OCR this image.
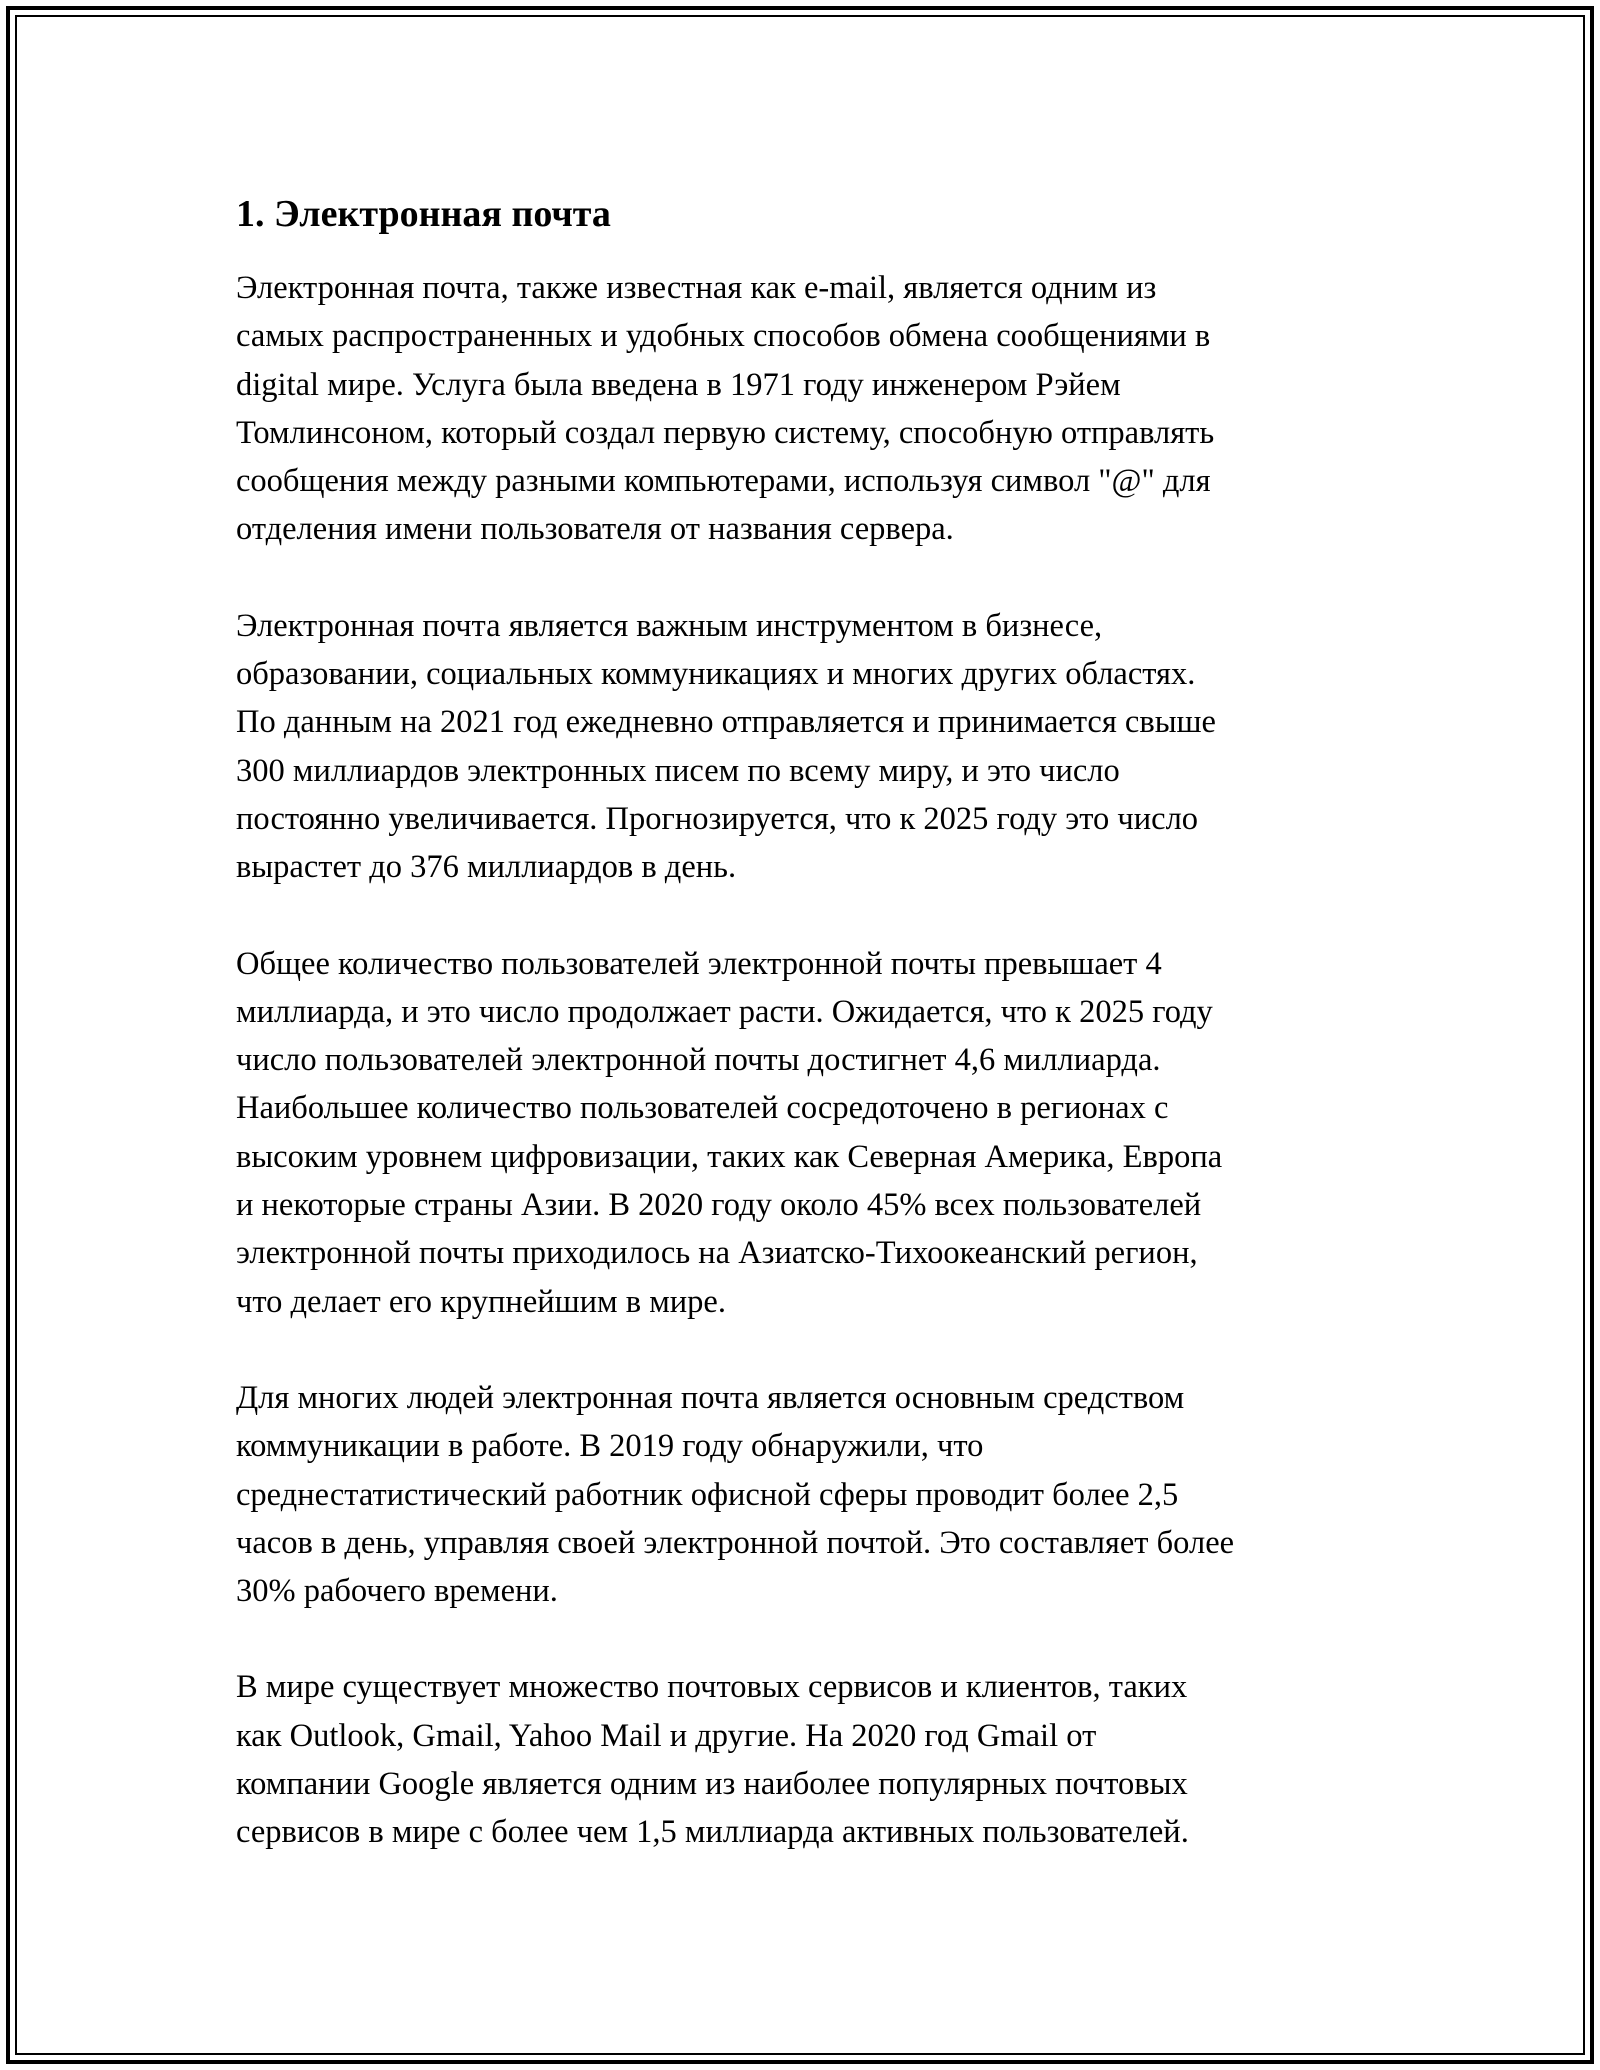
1. Электронная почта

Электронная почта, также известная как e-mail, является одним из
самых распространенных и удобных способов обмена сообщениями в
digital мире. Услуга была введена в 1971 году инженером Рэйем
Томлинсоном, который создал первую систему, способную отправлять
сообщения между разными компьютерами, используя символ "@" для
отделения имени пользователя от названия сервера.

Электронная почта является важным инструментом в бизнесе,
образовании, социальных коммуникациях и многих других областях.
По данным на 2021 год ежедневно отправляется и принимается свыше
300 миллиардов электронных писем по всему миру, и это число
постоянно увеличивается. Прогнозируется, что к 2025 году это число
вырастет до 376 миллиардов в день.

Общее количество пользователей электронной почты превышает 4
миллиарда, и это число продолжает расти. Ожидается, что к 2025 году
число пользователей электронной почты достигнет 4,6 миллиарда.
Наибольшее количество пользователей сосредоточено в регионах с
высоким уровнем цифровизации, таких как Северная Америка, Европа
и некоторые страны Азии. В 2020 году около 45% всех пользователей
электронной почты приходилось на Азиатско-Тихоокеанский регион,
что делает его крупнейшим в мире.

Для многих людей электронная почта является основным средством
коммуникации в работе. В 2019 году обнаружили, что
среднестатистический работник офисной сферы проводит более 2,5
часов в день, управляя своей электронной почтой. Это составляет более
30% рабочего времени.

В мире существует множество почтовых сервисов и клиентов, таких
как Outlook, Gmail, Yahoo Mail и другие. На 2020 год Gmail от
компании Google является одним из наиболее популярных почтовых
сервисов в мире с более чем 1,5 миллиарда активных пользователей.
